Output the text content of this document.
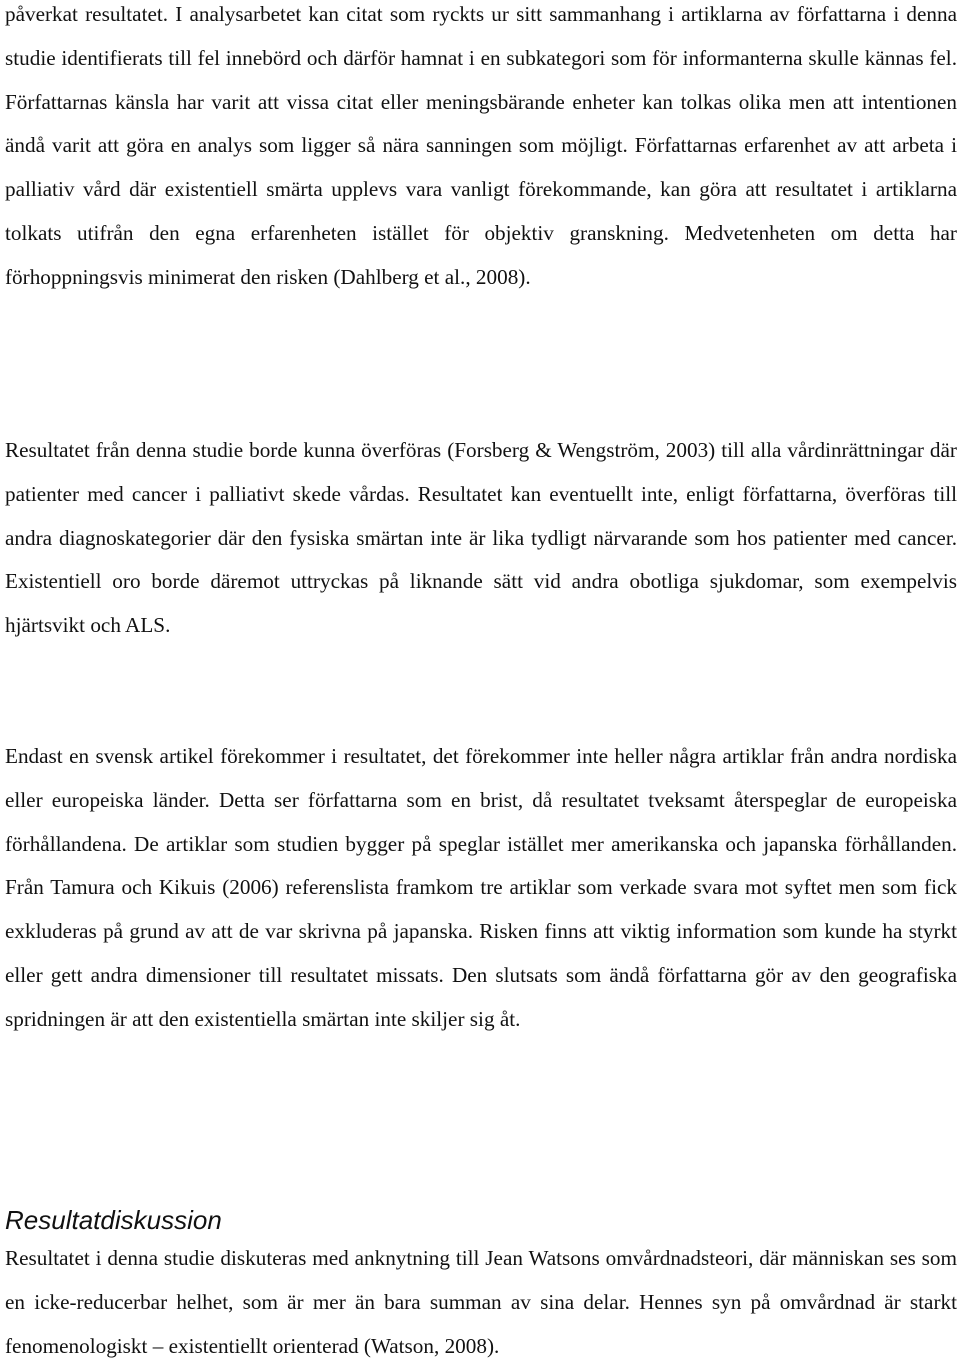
påverkat resultatet. I analysarbetet kan citat som ryckts ur sitt sammanhang i artiklarna av författarna i denna studie identifierats till fel innebörd och därför hamnat i en subkategori som för informanterna skulle kännas fel. Författarnas känsla har varit att vissa citat eller meningsbärande enheter kan tolkas olika men att intentionen ändå varit att göra en analys som ligger så nära sanningen som möjligt. Författarnas erfarenhet av att arbeta i palliativ vård där existentiell smärta upplevs vara vanligt förekommande, kan göra att resultatet i artiklarna tolkats utifrån den egna erfarenheten istället för objektiv granskning. Medvetenheten om detta har förhoppningsvis minimerat den risken (Dahlberg et al., 2008).

Resultatet från denna studie borde kunna överföras (Forsberg & Wengström, 2003) till alla vårdinrättningar där patienter med cancer i palliativt skede vårdas. Resultatet kan eventuellt inte, enligt författarna, överföras till andra diagnoskategorier där den fysiska smärtan inte är lika tydligt närvarande som hos patienter med cancer. Existentiell oro borde däremot uttryckas på liknande sätt vid andra obotliga sjukdomar, som exempelvis hjärtsvikt och ALS.

Endast en svensk artikel förekommer i resultatet, det förekommer inte heller några artiklar från andra nordiska eller europeiska länder. Detta ser författarna som en brist, då resultatet tveksamt återspeglar de europeiska förhållandena. De artiklar som studien bygger på speglar istället mer amerikanska och japanska förhållanden. Från Tamura och Kikuis (2006) referenslista framkom tre artiklar som verkade svara mot syftet men som fick exkluderas på grund av att de var skrivna på japanska. Risken finns att viktig information som kunde ha styrkt eller gett andra dimensioner till resultatet missats. Den slutsats som ändå författarna gör av den geografiska spridningen är att den existentiella smärtan inte skiljer sig åt.

Resultatdiskussion

Resultatet i denna studie diskuteras med anknytning till Jean Watsons omvårdnadsteori, där människan ses som en icke-reducerbar helhet, som är mer än bara summan av sina delar. Hennes syn på omvårdnad är starkt fenomenologiskt – existentiellt orienterad (Watson, 2008).
